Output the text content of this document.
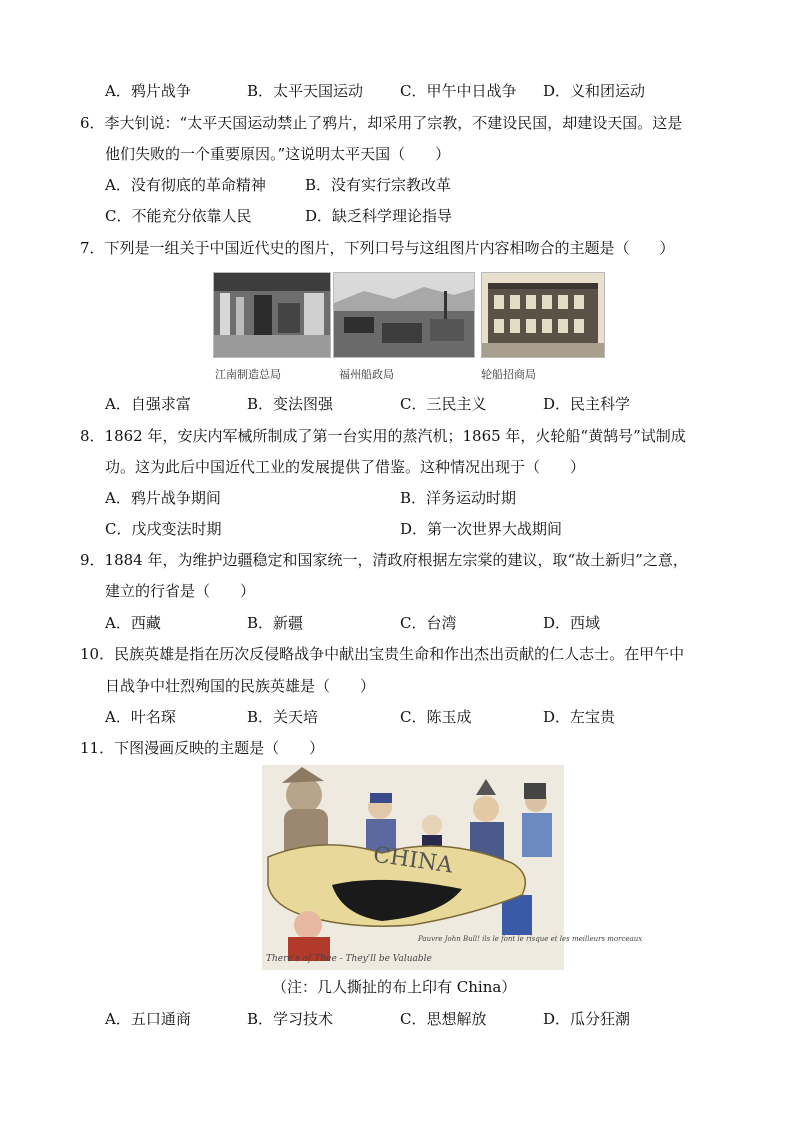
A．鸦片战争	B．太平天国运动 C．甲午中日战争 D．义和团运动
6．李大钊说：“太平天国运动禁止了鸦片，却采用了宗教，不建设民国，却建设天国。这是
他们失败的一个重要原因。”这说明太平天国（　　）
A．没有彻底的革命精神	B．没有实行宗教改革
C．不能充分依靠人民	D．缺乏科学理论指导
7．下列是一组关于中国近代史的图片，下列口号与这组图片内容相吻合的主题是（　　）
江南制造总局	福州船政局	轮船招商局
A．自强求富	B．变法图强	C．三民主义	D．民主科学
8．1862 年，安庆内军械所制成了第一台实用的蒸汽机；1865 年，火轮船“黄鹄号”试制成
功。这为此后中国近代工业的发展提供了借鉴。这种情况出现于（　　）
A．鸦片战争期间	B．洋务运动时期
C．戊戌变法时期	D．第一次世界大战期间
9．1884 年，为维护边疆稳定和国家统一，清政府根据左宗棠的建议，取“故土新归”之意，
建立的行省是（　　）
A．西藏	B．新疆	C．台湾	D．西域
10．民族英雄是指在历次反侵略战争中献出宝贵生命和作出杰出贡献的仁人志士。在甲午中
日战争中壮烈殉国的民族英雄是（　　）
A．叶名琛	B．关天培	C．陈玉成	D．左宝贵
11．下图漫画反映的主题是（　　）
CHINA
There's of Thee - They'll be Valuable
Pauvre John Bull! ils le font le risque et les meilleurs morceaux
（注：几人撕扯的布上印有 China）
A．五口通商	B．学习技术	C．思想解放	D．瓜分狂潮
